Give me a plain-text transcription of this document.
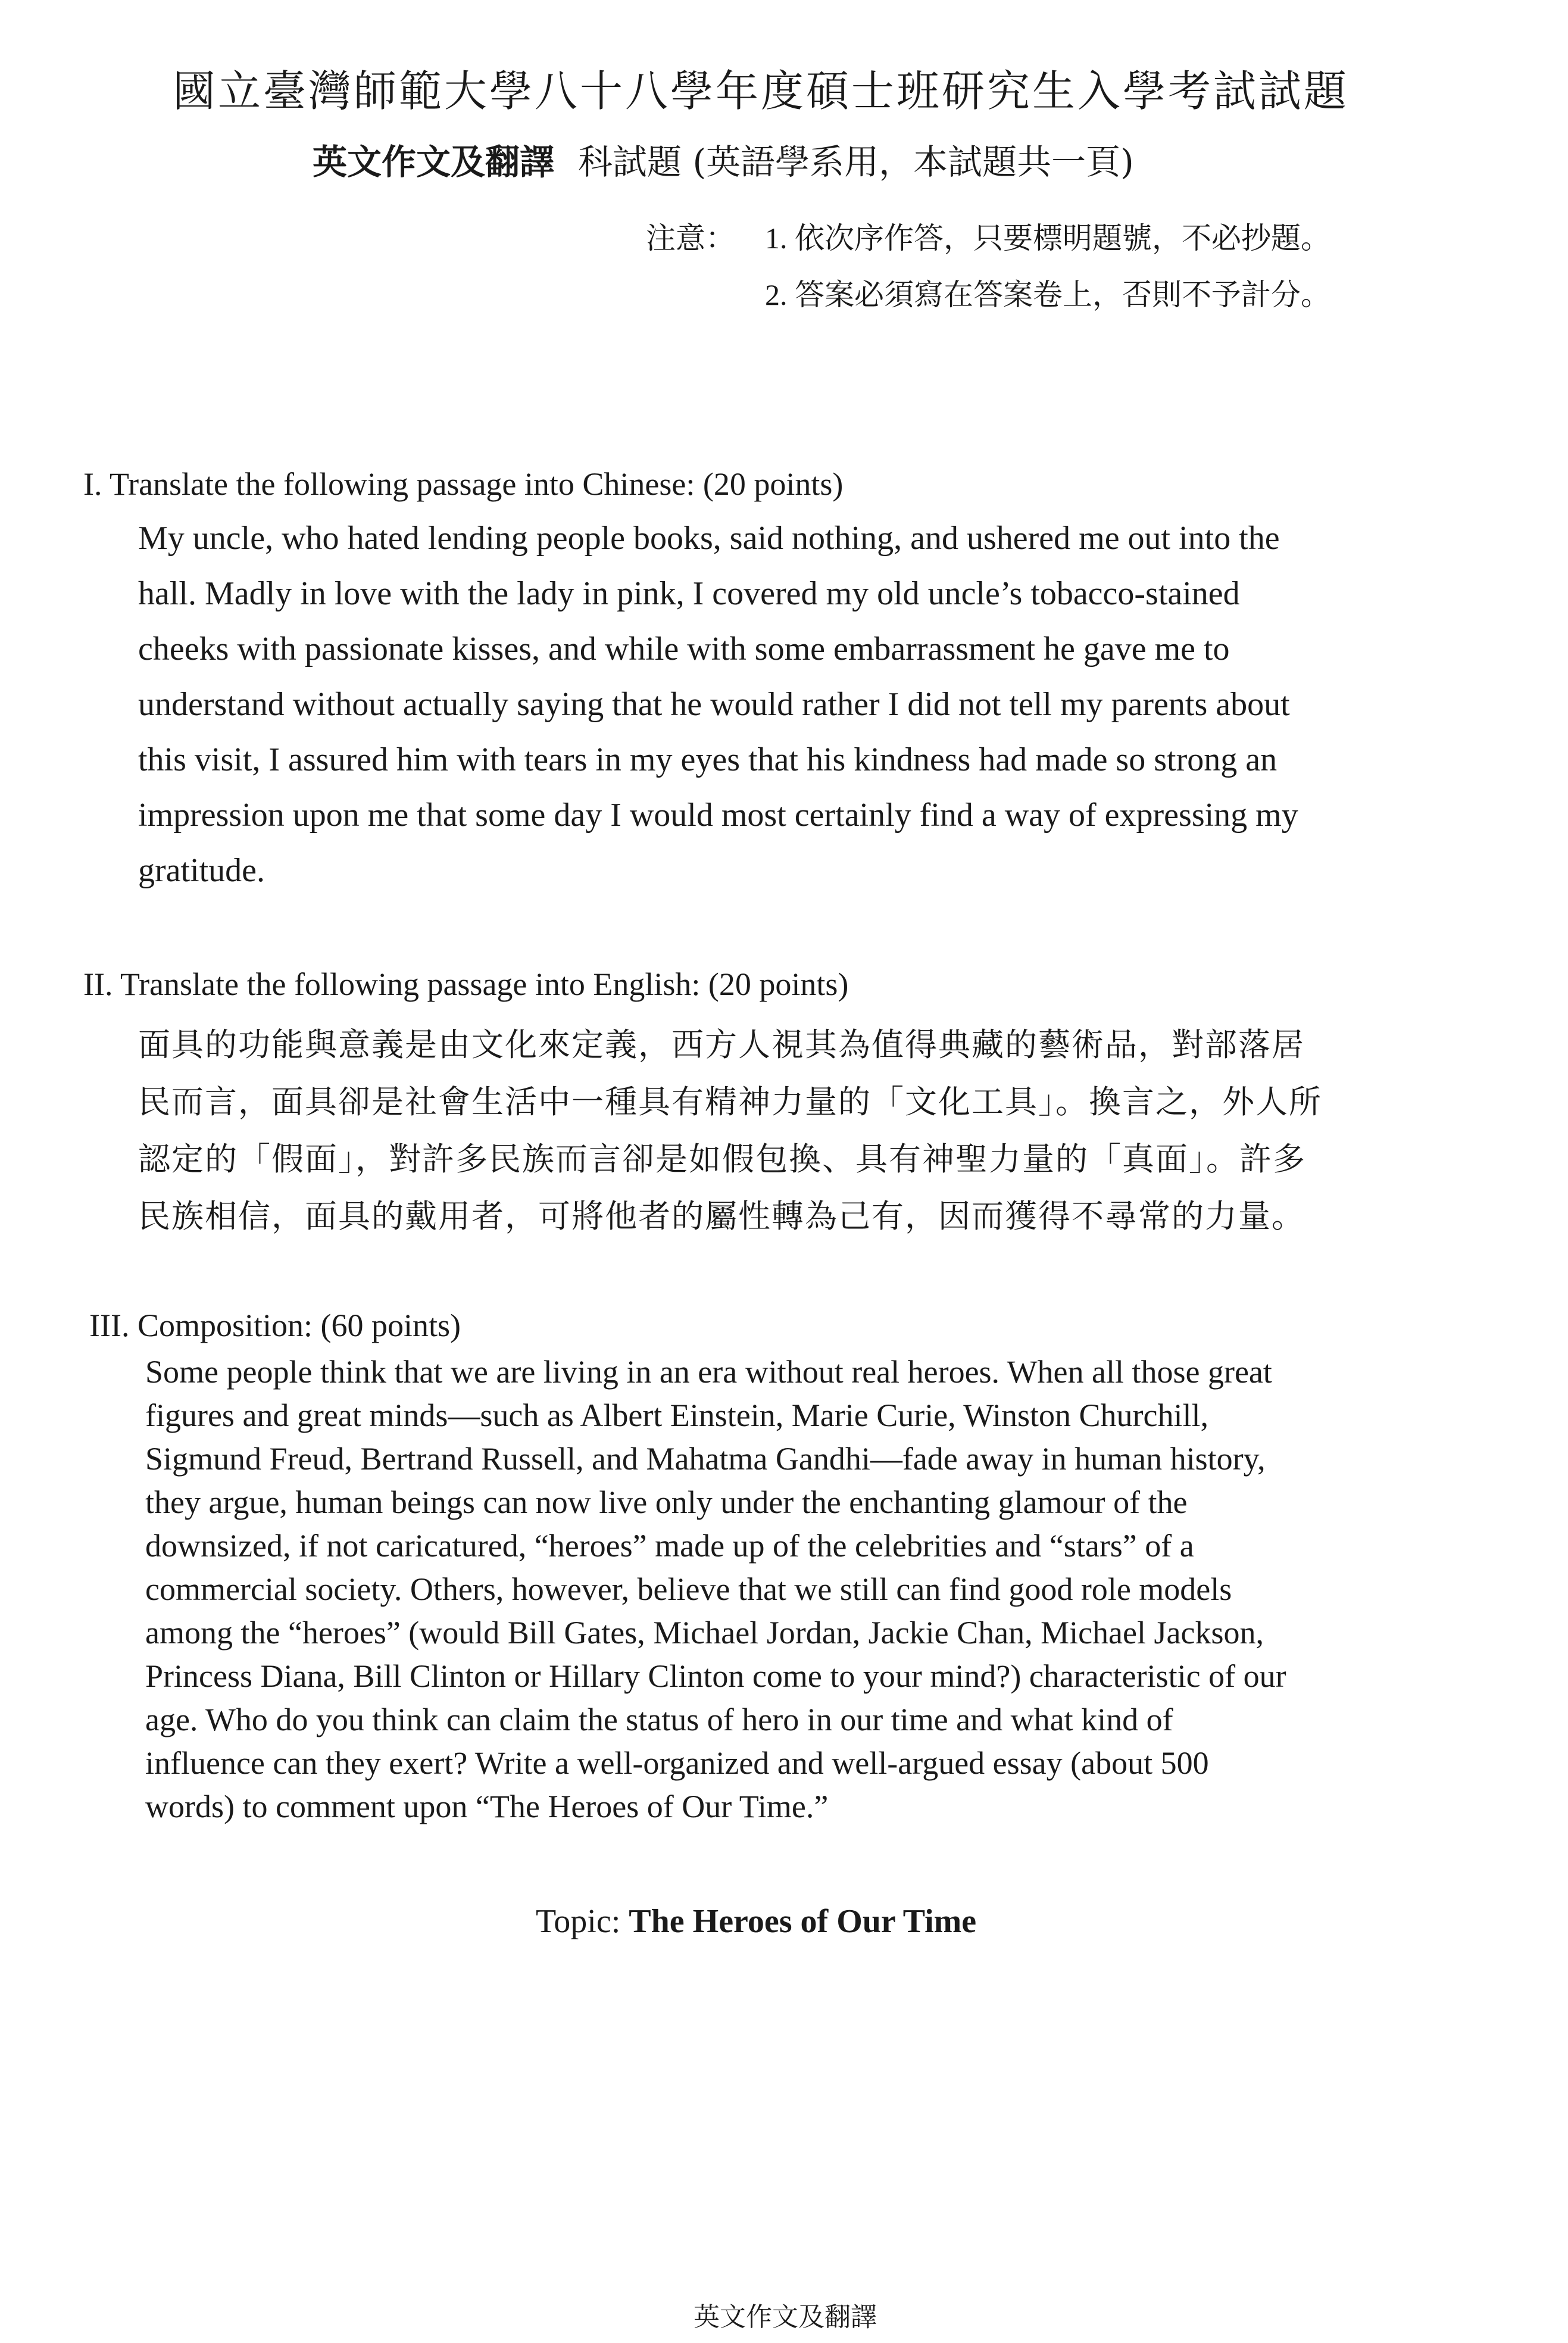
國立臺灣師範大學八十八學年度碩士班研究生入學考試試題
英文作文及翻譯 科試題 (英語學系用，本試題共一頁)
注意： 1. 依次序作答，只要標明題號，不必抄題。
2. 答案必須寫在答案卷上，否則不予計分。
I. Translate the following passage into Chinese: (20 points)
My uncle, who hated lending people books, said nothing, and ushered me out into the
hall. Madly in love with the lady in pink, I covered my old uncle’s tobacco-stained
cheeks with passionate kisses, and while with some embarrassment he gave me to
understand without actually saying that he would rather I did not tell my parents about
this visit, I assured him with tears in my eyes that his kindness had made so strong an
impression upon me that some day I would most certainly find a way of expressing my
gratitude.
II. Translate the following passage into English: (20 points)
面具的功能與意義是由文化來定義，西方人視其為值得典藏的藝術品，對部落居
民而言，面具卻是社會生活中一種具有精神力量的「文化工具」。換言之，外人所
認定的「假面」，對許多民族而言卻是如假包換、具有神聖力量的「真面」。許多
民族相信，面具的戴用者，可將他者的屬性轉為己有，因而獲得不尋常的力量。
III. Composition: (60 points)
Some people think that we are living in an era without real heroes. When all those great
figures and great minds—such as Albert Einstein, Marie Curie, Winston Churchill,
Sigmund Freud, Bertrand Russell, and Mahatma Gandhi—fade away in human history,
they argue, human beings can now live only under the enchanting glamour of the
downsized, if not caricatured, “heroes” made up of the celebrities and “stars” of a
commercial society. Others, however, believe that we still can find good role models
among the “heroes” (would Bill Gates, Michael Jordan, Jackie Chan, Michael Jackson,
Princess Diana, Bill Clinton or Hillary Clinton come to your mind?) characteristic of our
age. Who do you think can claim the status of hero in our time and what kind of
influence can they exert? Write a well-organized and well-argued essay (about 500
words) to comment upon “The Heroes of Our Time.”
Topic: The Heroes of Our Time
英文作文及翻譯
